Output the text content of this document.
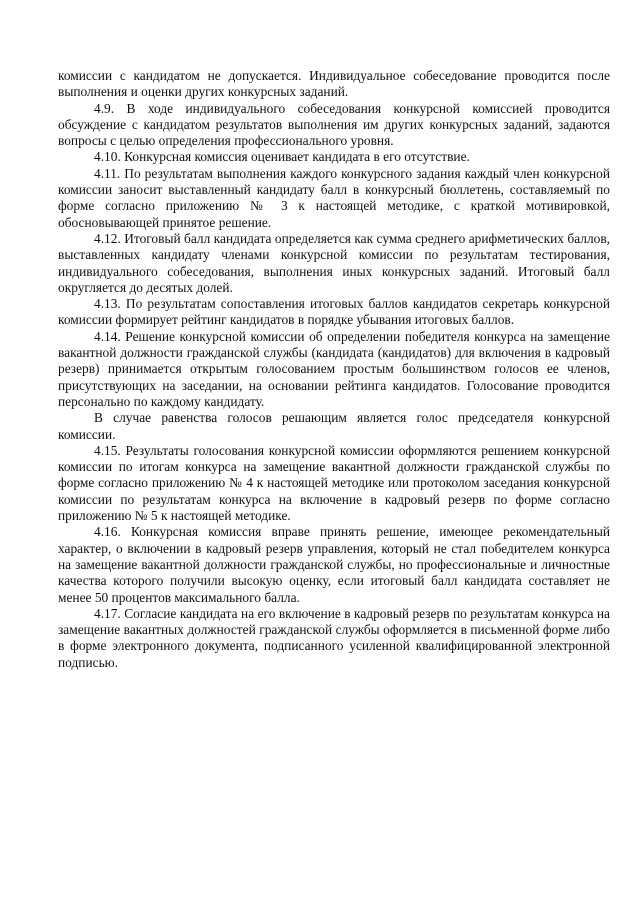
комиссии с кандидатом не допускается. Индивидуальное собеседование проводится после выполнения и оценки других конкурсных заданий.

4.9. В ходе индивидуального собеседования конкурсной комиссией проводится обсуждение с кандидатом результатов выполнения им других конкурсных заданий, задаются вопросы с целью определения профессионального уровня.

4.10. Конкурсная комиссия оценивает кандидата в его отсутствие.

4.11. По результатам выполнения каждого конкурсного задания каждый член конкурсной комиссии заносит выставленный кандидату балл в конкурсный бюллетень, составляемый по форме согласно приложению № 3 к настоящей методике, с краткой мотивировкой, обосновывающей принятое решение.

4.12. Итоговый балл кандидата определяется как сумма среднего арифметических баллов, выставленных кандидату членами конкурсной комиссии по результатам тестирования, индивидуального собеседования, выполнения иных конкурсных заданий. Итоговый балл округляется до десятых долей.

4.13. По результатам сопоставления итоговых баллов кандидатов секретарь конкурсной комиссии формирует рейтинг кандидатов в порядке убывания итоговых баллов.

4.14. Решение конкурсной комиссии об определении победителя конкурса на замещение вакантной должности гражданской службы (кандидата (кандидатов) для включения в кадровый резерв) принимается открытым голосованием простым большинством голосов ее членов, присутствующих на заседании, на основании рейтинга кандидатов. Голосование проводится персонально по каждому кандидату.

В случае равенства голосов решающим является голос председателя конкурсной комиссии.

4.15. Результаты голосования конкурсной комиссии оформляются решением конкурсной комиссии по итогам конкурса на замещение вакантной должности гражданской службы по форме согласно приложению № 4 к настоящей методике или протоколом заседания конкурсной комиссии по результатам конкурса на включение в кадровый резерв по форме согласно приложению № 5 к настоящей методике.

4.16. Конкурсная комиссия вправе принять решение, имеющее рекомендательный характер, о включении в кадровый резерв управления, который не стал победителем конкурса на замещение вакантной должности гражданской службы, но профессиональные и личностные качества которого получили высокую оценку, если итоговый балл кандидата составляет не менее 50 процентов максимального балла.

4.17. Согласие кандидата на его включение в кадровый резерв по результатам конкурса на замещение вакантных должностей гражданской службы оформляется в письменной форме либо в форме электронного документа, подписанного усиленной квалифицированной электронной подписью.
